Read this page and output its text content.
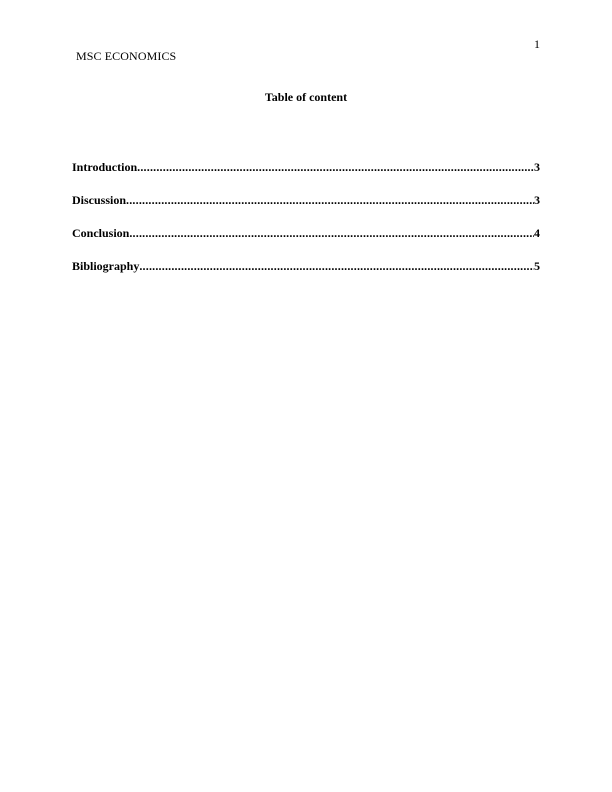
1
MSC ECONOMICS
Table of content
Introduction .....	3
Discussion .....	3
Conclusion .....	4
Bibliography .....	5
